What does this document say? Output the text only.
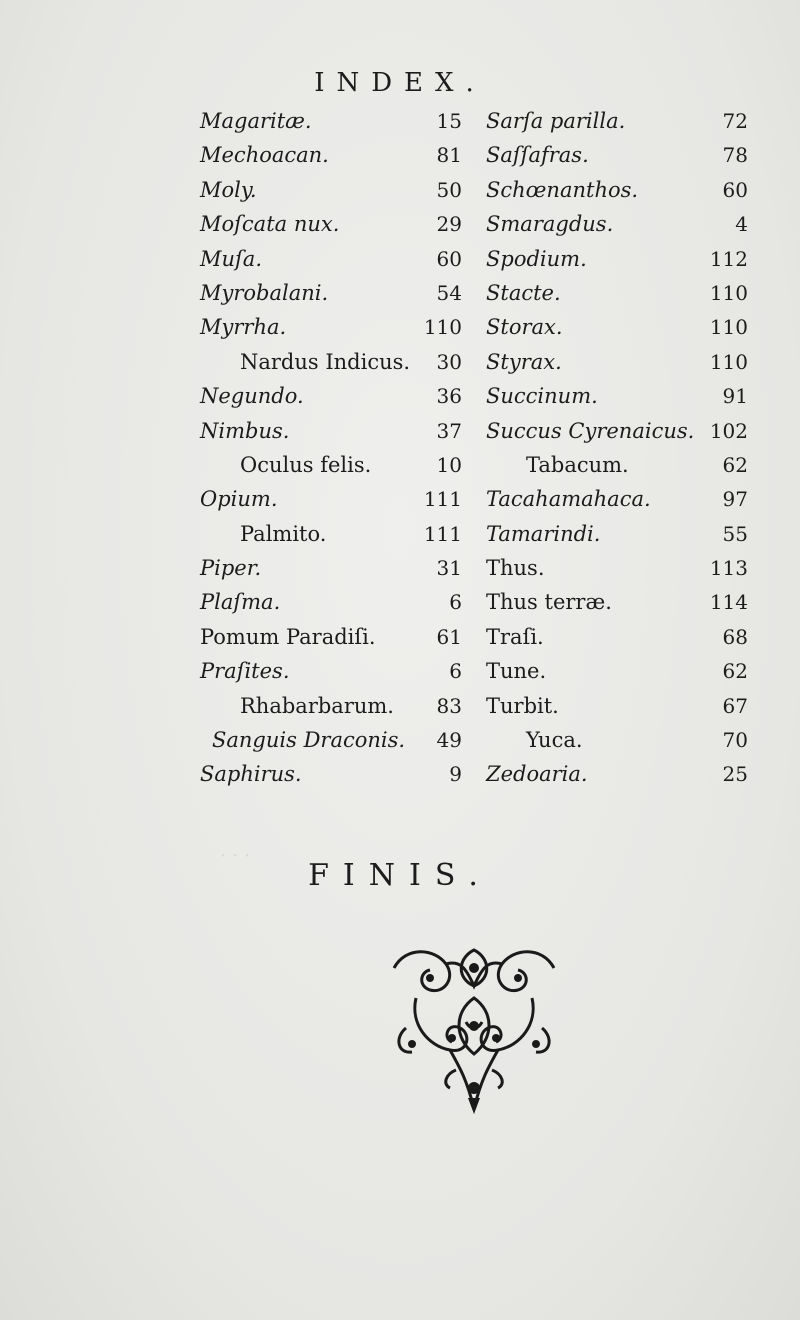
· · ·
INDEX.
Magaritæ.	15
Mechoacan.	81
Moly.	50
Moſcata nux.	29
Muſa.	60
Myrobalani.	54
Myrrha.	110
Nardus Indicus. 30
Negundo.	36
Nimbus.	37
Oculus felis.	10
Opium.	111
Palmito.	111
Piper.	31
Plaſma.	6
Pomum Paradiſi.	61
Praſites.	6
Rhabarbarum. 83
Sanguis Draconis. 49
Saphirus.	9
Sarſa parilla.	72
Saſſafras.	78
Schœnanthos.	60
Smaragdus.	4
Spodium.	112
Stacte.	110
Storax.	110
Styrax.	110
Succinum.	91
Succus Cyrenaicus. 102
Tabacum.	62
Tacahamahaca.	97
Tamarindi.	55
Thus.	113
Thus terræ.	114
Traſi.	68
Tune.	62
Turbit.	67
Yuca.	70
Zedoaria.	25
FINIS.
